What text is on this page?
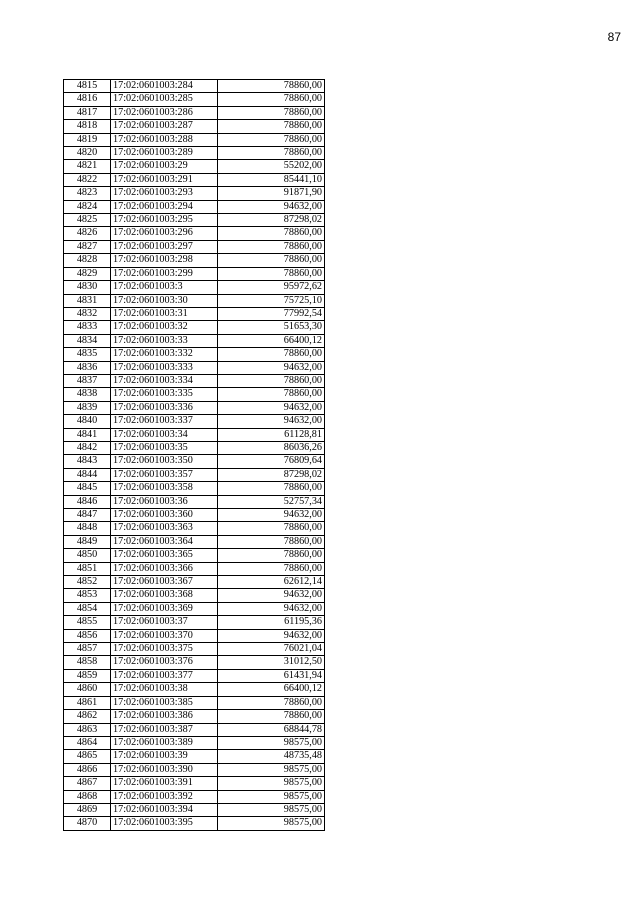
87
4815	17:02:0601003:284	78860,00
4816	17:02:0601003:285	78860,00
4817	17:02:0601003:286	78860,00
4818	17:02:0601003:287	78860,00
4819	17:02:0601003:288	78860,00
4820	17:02:0601003:289	78860,00
4821	17:02:0601003:29	55202,00
4822	17:02:0601003:291	85441,10
4823	17:02:0601003:293	91871,90
4824	17:02:0601003:294	94632,00
4825	17:02:0601003:295	87298,02
4826	17:02:0601003:296	78860,00
4827	17:02:0601003:297	78860,00
4828	17:02:0601003:298	78860,00
4829	17:02:0601003:299	78860,00
4830	17:02:0601003:3	95972,62
4831	17:02:0601003:30	75725,10
4832	17:02:0601003:31	77992,54
4833	17:02:0601003:32	51653,30
4834	17:02:0601003:33	66400,12
4835	17:02:0601003:332	78860,00
4836	17:02:0601003:333	94632,00
4837	17:02:0601003:334	78860,00
4838	17:02:0601003:335	78860,00
4839	17:02:0601003:336	94632,00
4840	17:02:0601003:337	94632,00
4841	17:02:0601003:34	61128,81
4842	17:02:0601003:35	86036,26
4843	17:02:0601003:350	76809,64
4844	17:02:0601003:357	87298,02
4845	17:02:0601003:358	78860,00
4846	17:02:0601003:36	52757,34
4847	17:02:0601003:360	94632,00
4848	17:02:0601003:363	78860,00
4849	17:02:0601003:364	78860,00
4850	17:02:0601003:365	78860,00
4851	17:02:0601003:366	78860,00
4852	17:02:0601003:367	62612,14
4853	17:02:0601003:368	94632,00
4854	17:02:0601003:369	94632,00
4855	17:02:0601003:37	61195,36
4856	17:02:0601003:370	94632,00
4857	17:02:0601003:375	76021,04
4858	17:02:0601003:376	31012,50
4859	17:02:0601003:377	61431,94
4860	17:02:0601003:38	66400,12
4861	17:02:0601003:385	78860,00
4862	17:02:0601003:386	78860,00
4863	17:02:0601003:387	68844,78
4864	17:02:0601003:389	98575,00
4865	17:02:0601003:39	48735,48
4866	17:02:0601003:390	98575,00
4867	17:02:0601003:391	98575,00
4868	17:02:0601003:392	98575,00
4869	17:02:0601003:394	98575,00
4870	17:02:0601003:395	98575,00
